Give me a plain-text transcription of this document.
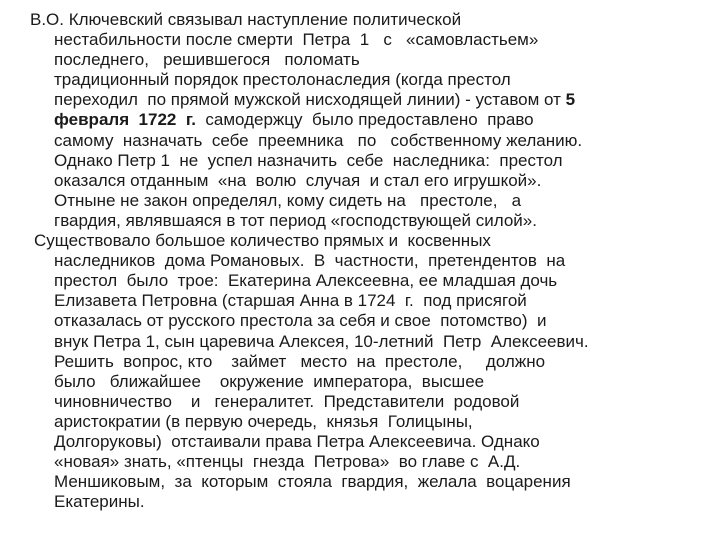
В.О. Ключевский связывал наступление политической
нестабильности после смерти  Петра  1   с   «самовластьем»
последнего,   решившегося   поломать
традиционный порядок престолонаследия (когда престол
переходил  по прямой мужской нисходящей линии) - уставом от 5
февраля  1722  г.  самодержцу  было предоставлено  право
самому  назначать  себе  преемника   по   собственному желанию.
Однако Петр 1  не  успел назначить  себе  наследника:  престол
оказался отданным  «на  волю  случая  и стал его игрушкой».
Отныне не закон определял, кому сидеть на   престоле,   а
гвардия, являвшаяся в тот период «господствующей силой».

Существовало большое количество прямых и  косвенных
наследников  дома Романовых.  В  частности,  претендентов  на
престол  было  трое:  Екатерина Алексеевна, ее младшая дочь
Елизавета Петровна (старшая Анна в 1724  г.  под присягой
отказалась от русского престола за себя и свое  потомство)  и
внук Петра 1, сын царевича Алексея, 10-летний  Петр  Алексеевич.
Решить  вопрос, кто    займет   место  на  престоле,     должно
было   ближайшее    окружение  императора,  высшее
чиновничество    и   генералитет.  Представители  родовой
аристократии (в первую очередь,  князья  Голицыны,
Долгоруковы)  отстаивали права Петра Алексеевича. Однако
«новая» знать, «птенцы  гнезда  Петрова»  во главе с  А.Д.
Меншиковым,  за  которым  стояла  гвардия,  желала  воцарения
Екатерины.
